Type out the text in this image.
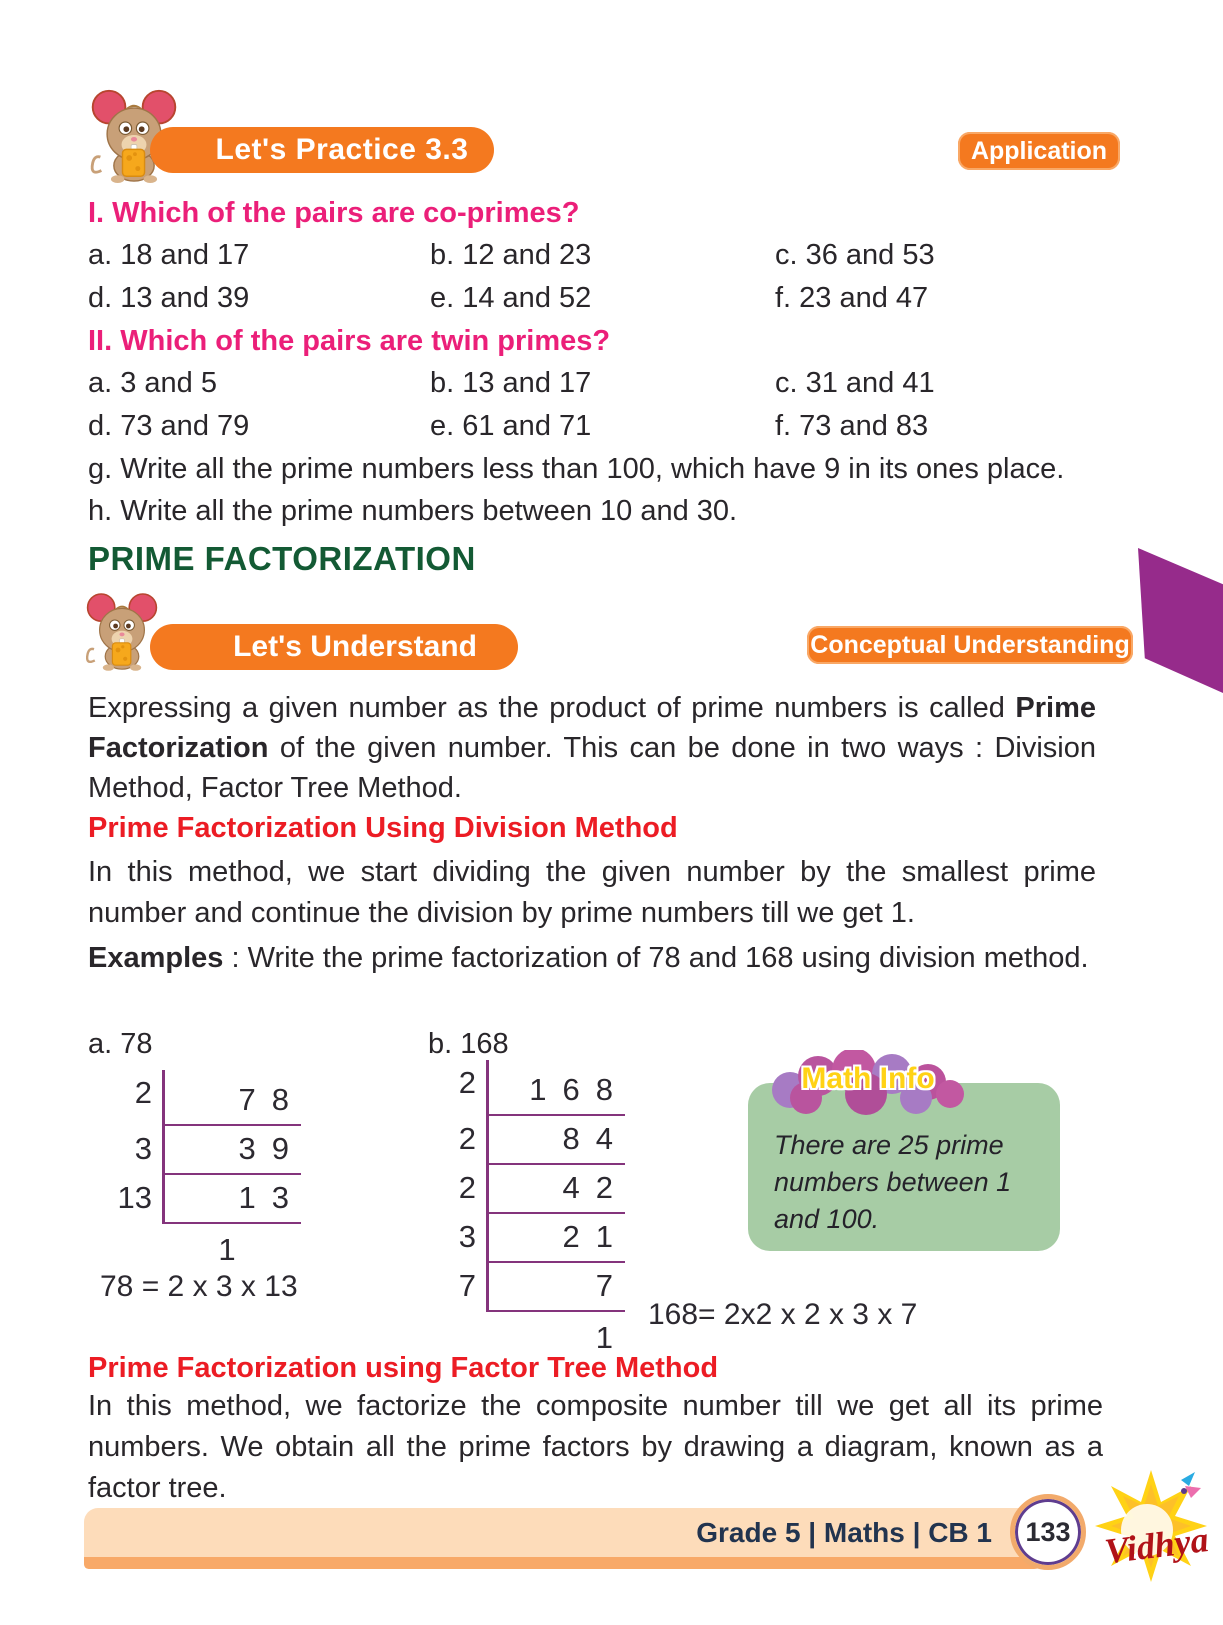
Let's Practice 3.3	Application
I. Which of the pairs are co-primes?
a. 18 and 17	b. 12 and 23	c. 36 and 53
d. 13 and 39	e. 14 and 52	f. 23 and 47
II. Which of the pairs are twin primes?
a. 3 and 5	b. 13 and 17	c. 31 and 41
d. 73 and 79	e. 61 and 71	f. 73 and 83
g. Write all the prime numbers less than 100, which have 9 in its ones place.
h. Write all the prime numbers between 10 and 30.
PRIME FACTORIZATION
Let's Understand	Conceptual Understanding

Expressing a given number as the product of prime numbers is called Prime Factorization of the given number. This can be done in two ways : Division Method, Factor Tree Method.

Prime Factorization Using Division Method

In this method, we start dividing the given number by the smallest prime number and continue the division by prime numbers till we get 1.

Examples : Write the prime factorization of 78 and 168 using division method.

a. 78	b. 168
2	78
3	39
13	13
1
78 = 2 x 3 x 13
2	168
2	84
2	42
3	21
7	7
1
168= 2x2 x 2 x 3 x 7

There are 25 prime numbers between 1 and 100.

Math Info
Prime Factorization using Factor Tree Method

In this method, we factorize the composite number till we get all its prime numbers. We obtain all the prime factors by drawing a diagram, known as a factor tree.

Grade 5 | Maths | CB 1 133 Vidhya
